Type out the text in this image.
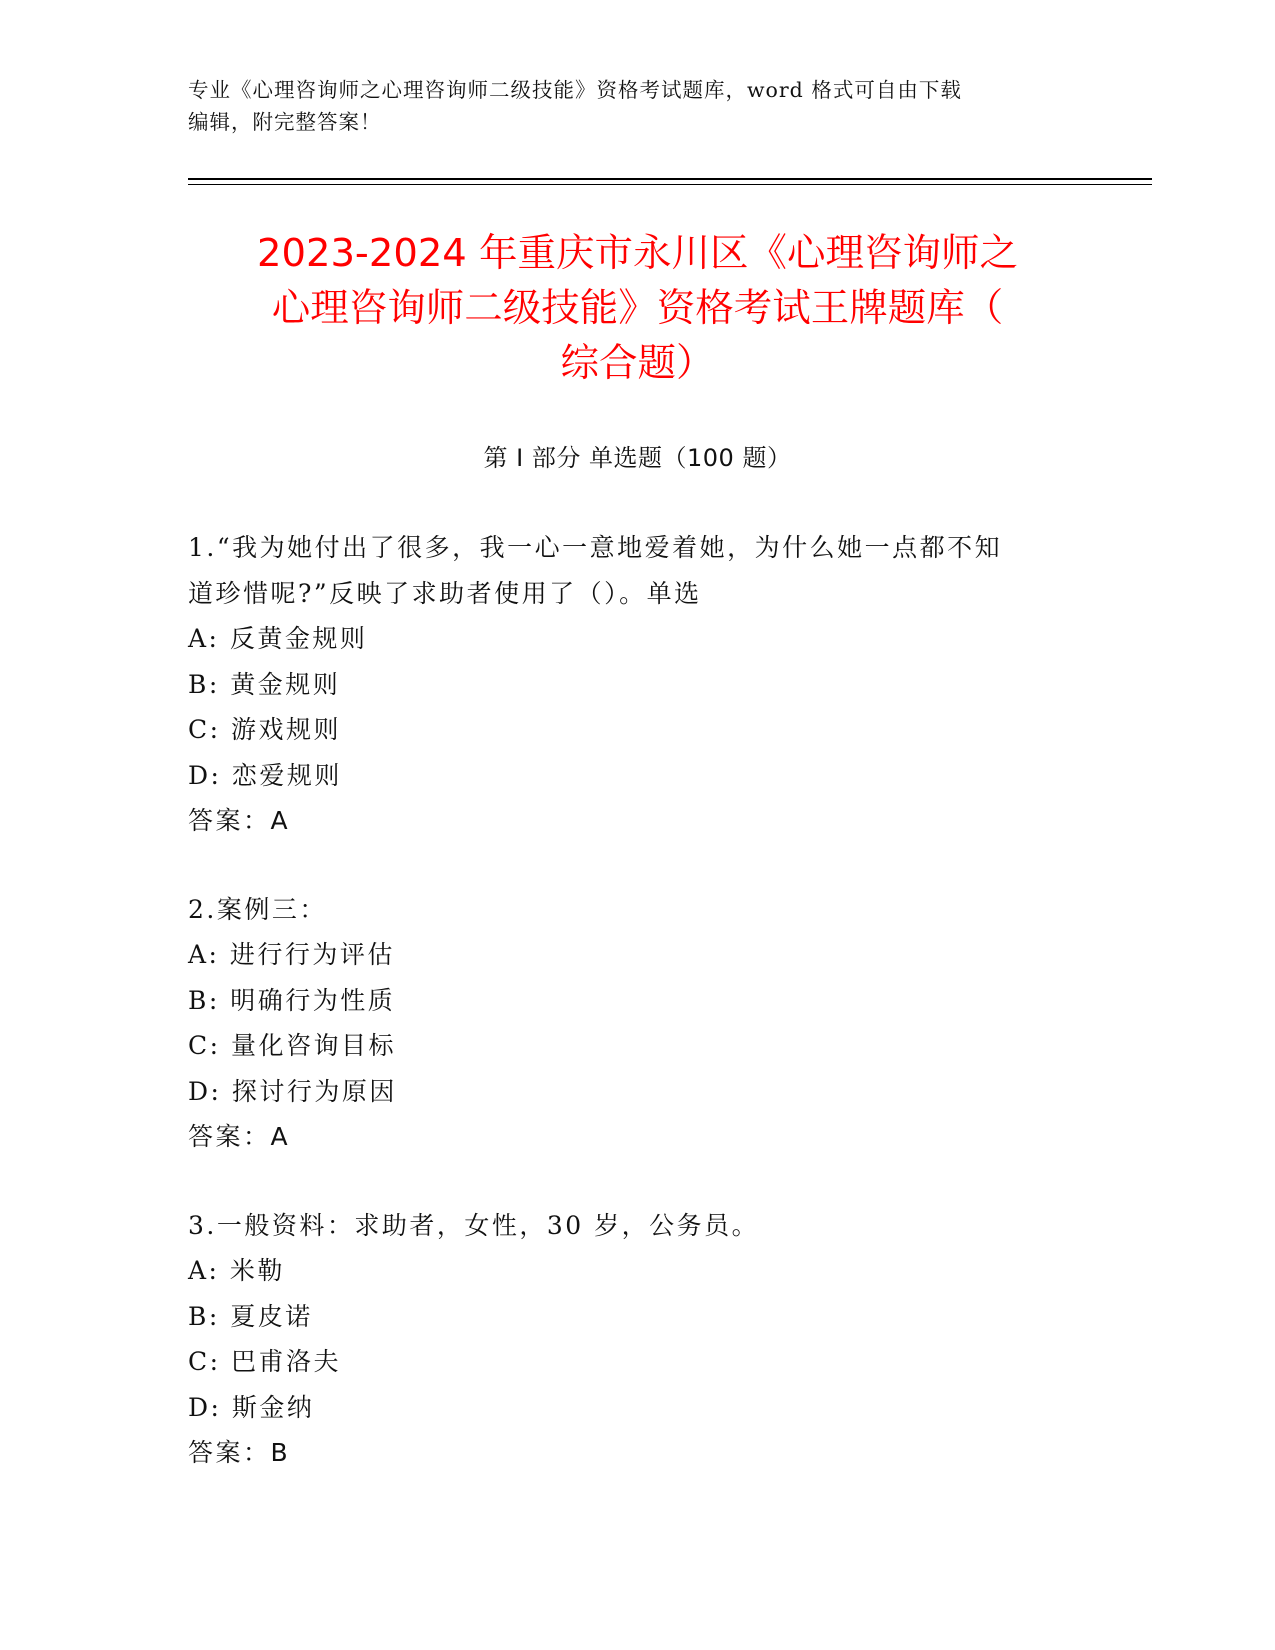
专业《心理咨询师之心理咨询师二级技能》资格考试题库，word 格式可自由下载
编辑，附完整答案！
2023-2024 年重庆市永川区《心理咨询师之
心理咨询师二级技能》资格考试王牌题库（
综合题）
第 I 部分 单选题（100 题）
1.“我为她付出了很多，我一心一意地爱着她，为什么她一点都不知
道珍惜呢?”反映了求助者使用了（）。单选
A: 反黄金规则
B: 黄金规则
C: 游戏规则
D: 恋爱规则
答案：A
2.案例三：
A: 进行行为评估
B: 明确行为性质
C: 量化咨询目标
D: 探讨行为原因
答案：A
3.一般资料：求助者，女性，30 岁，公务员。
A: 米勒
B: 夏皮诺
C: 巴甫洛夫
D: 斯金纳
答案：B
